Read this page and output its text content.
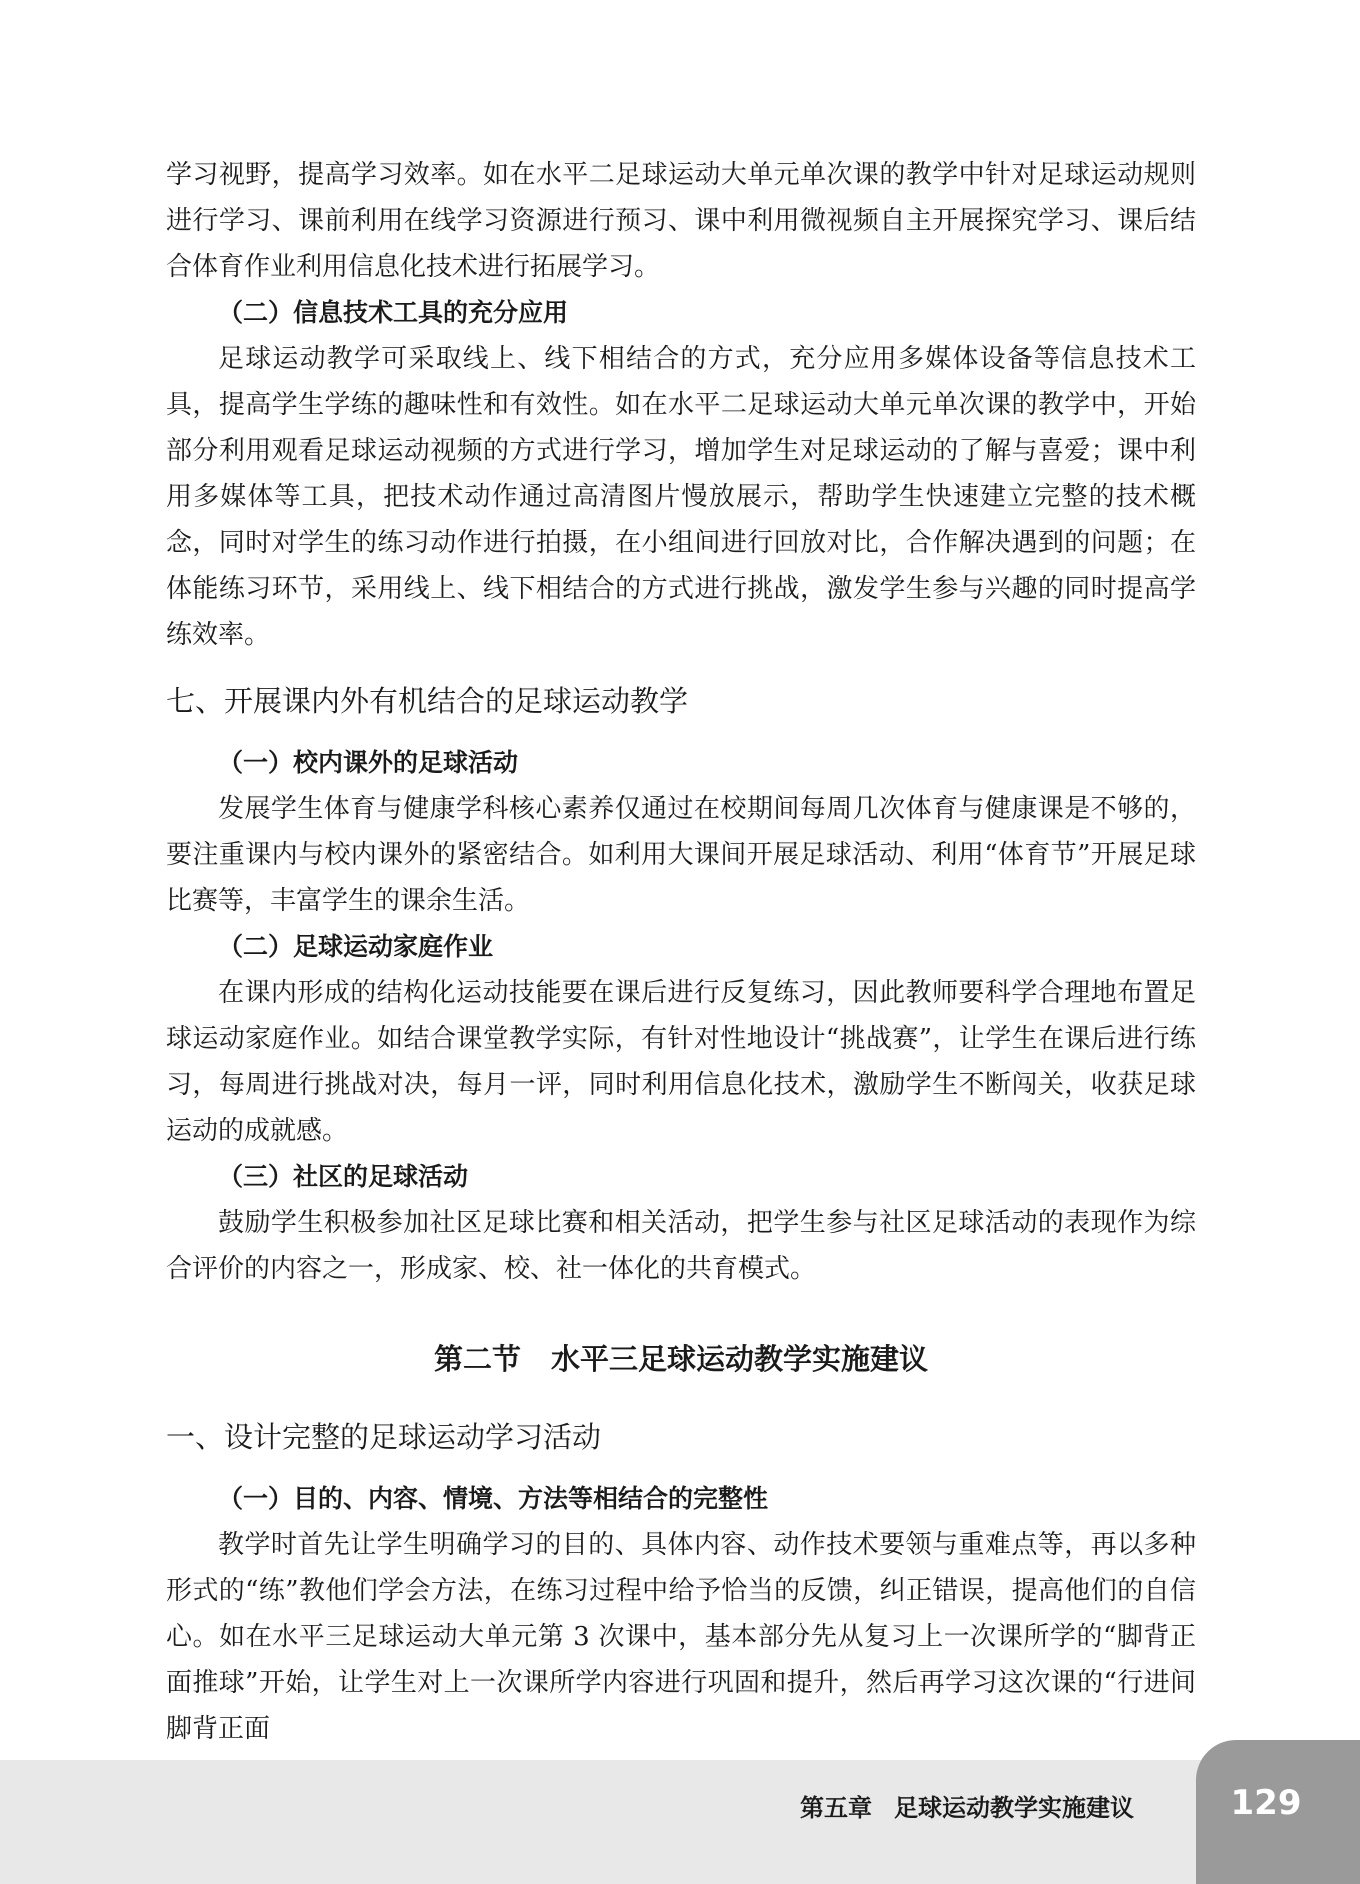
学习视野，提高学习效率。如在水平二足球运动大单元单次课的教学中针对足球运动规则进行学习、课前利用在线学习资源进行预习、课中利用微视频自主开展探究学习、课后结合体育作业利用信息化技术进行拓展学习。

（二）信息技术工具的充分应用

足球运动教学可采取线上、线下相结合的方式，充分应用多媒体设备等信息技术工具，提高学生学练的趣味性和有效性。如在水平二足球运动大单元单次课的教学中，开始部分利用观看足球运动视频的方式进行学习，增加学生对足球运动的了解与喜爱；课中利用多媒体等工具，把技术动作通过高清图片慢放展示，帮助学生快速建立完整的技术概念，同时对学生的练习动作进行拍摄，在小组间进行回放对比，合作解决遇到的问题；在体能练习环节，采用线上、线下相结合的方式进行挑战，激发学生参与兴趣的同时提高学练效率。

七、开展课内外有机结合的足球运动教学
（一）校内课外的足球活动

发展学生体育与健康学科核心素养仅通过在校期间每周几次体育与健康课是不够的，要注重课内与校内课外的紧密结合。如利用大课间开展足球活动、利用“体育节”开展足球比赛等，丰富学生的课余生活。

（二）足球运动家庭作业

在课内形成的结构化运动技能要在课后进行反复练习，因此教师要科学合理地布置足球运动家庭作业。如结合课堂教学实际，有针对性地设计“挑战赛”，让学生在课后进行练习，每周进行挑战对决，每月一评，同时利用信息化技术，激励学生不断闯关，收获足球运动的成就感。

（三）社区的足球活动

鼓励学生积极参加社区足球比赛和相关活动，把学生参与社区足球活动的表现作为综合评价的内容之一，形成家、校、社一体化的共育模式。

第二节 水平三足球运动教学实施建议
一、设计完整的足球运动学习活动
（一）目的、内容、情境、方法等相结合的完整性

教学时首先让学生明确学习的目的、具体内容、动作技术要领与重难点等，再以多种形式的“练”教他们学会方法，在练习过程中给予恰当的反馈，纠正错误，提高他们的自信心。如在水平三足球运动大单元第 3 次课中，基本部分先从复习上一次课所学的“脚背正面推球”开始，让学生对上一次课所学内容进行巩固和提升，然后再学习这次课的“行进间脚背正面

第五章 足球运动教学实施建议	129
